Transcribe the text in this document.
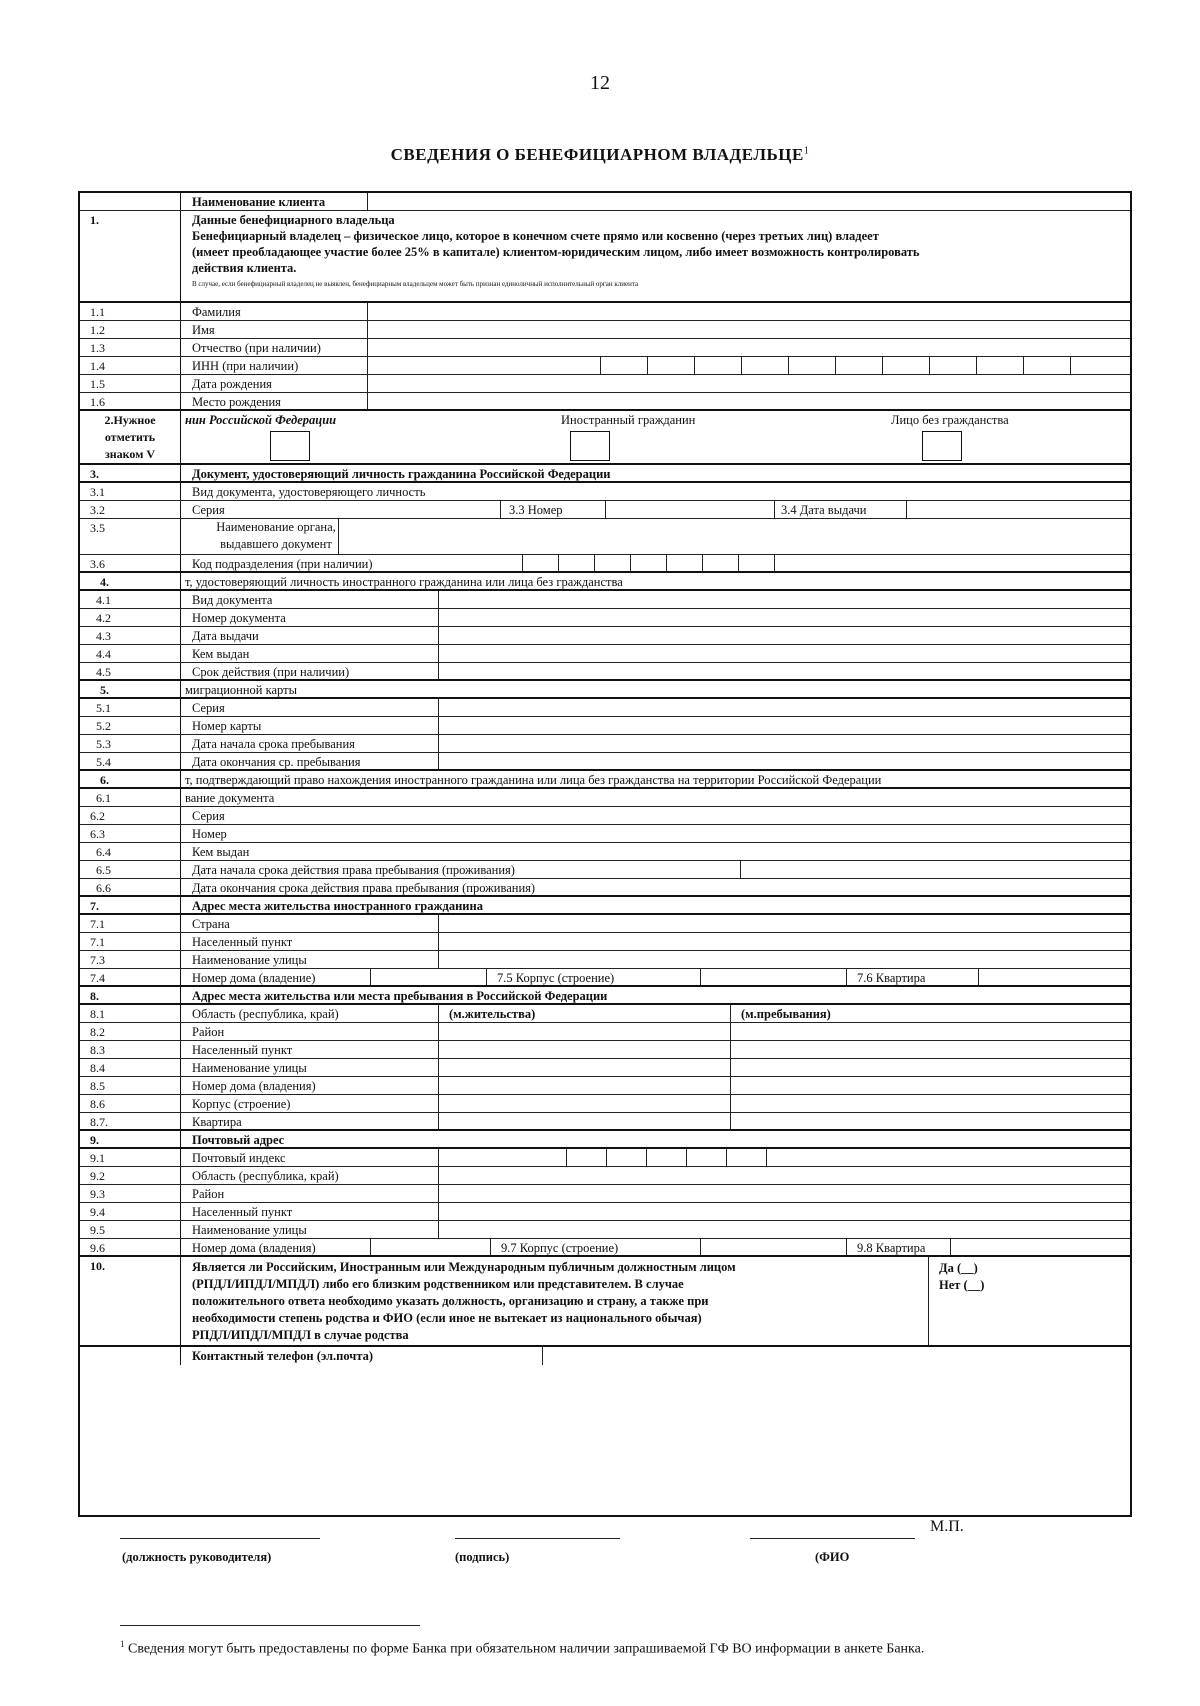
12
СВЕДЕНИЯ О БЕНЕФИЦИАРНОМ ВЛАДЕЛЬЦЕ$^1$
Наименование клиента
1.	Данные бенефициарного владельца
Бенефициарный владелец – физическое лицо, которое в конечном счете прямо или косвенно (через третьих лиц) владеет
(имеет преобладающее участие более 25% в капитале) клиентом-юридическим лицом, либо имеет возможность контролировать
действия клиента.
В случае, если бенефициарный владелец не выявлен, бенефициарным владельцем может быть признан единоличный исполнительный орган клиента
1.1	Фамилия
1.2	Имя
1.3	Отчество (при наличии)
1.4	ИНН (при наличии)
1.5	Дата рождения
1.6	Место рождения
2.Нужное
отметить
знаком V
нин Российской Федерации	Иностранный гражданин	Лицо без гражданства
3.	Документ, удостоверяющий личность гражданина Российской Федерации
3.1	Вид документа, удостоверяющего личность
3.2	Серия	3.3 Номер	3.4 Дата выдачи
3.5	Наименование органа,
выдавшего документ
3.6	Код подразделения (при наличии)
4.	т, удостоверяющий личность иностранного гражданина или лица без гражданства
4.1	Вид документа
4.2	Номер документа
4.3	Дата выдачи
4.4	Кем выдан
4.5	Срок действия (при наличии)
5.	миграционной карты
5.1	Серия
5.2	Номер карты
5.3	Дата начала срока пребывания
5.4	Дата окончания ср. пребывания
6.	т, подтверждающий право нахождения иностранного гражданина или лица без гражданства на территории Российской Федерации
6.1	вание документа
6.2	Серия
6.3	Номер
6.4	Кем выдан
6.5	Дата начала срока действия права пребывания (проживания)
6.6	Дата окончания срока действия права пребывания (проживания)
7.	Адрес места жительства иностранного гражданина
7.1	Страна
7.1	Населенный пункт
7.3	Наименование улицы
7.4	Номер дома (владение)	7.5 Корпус (строение)	7.6 Квартира
8.	Адрес места жительства или места пребывания в Российской Федерации
8.1	Область (республика, край)	(м.жительства)	(м.пребывания)
8.2	Район
8.3	Населенный пункт
8.4	Наименование улицы
8.5	Номер дома (владения)
8.6	Корпус (строение)
8.7.	Квартира
9.	Почтовый адрес
9.1	Почтовый индекс
9.2	Область (республика, край)
9.3	Район
9.4	Населенный пункт
9.5	Наименование улицы
9.6	Номер дома (владения)	9.7 Корпус (строение)	9.8 Квартира
10.	Является ли Российским, Иностранным или Международным публичным должностным лицом
(РПДЛ/ИПДЛ/МПДЛ) либо его близким родственником или представителем. В случае
положительного ответа необходимо указать должность, организацию и страну, а также при
необходимости степень родства и ФИО (если иное не вытекает из национального обычая)
РПДЛ/ИПДЛ/МПДЛ в случае родства
Да (__)
Нет (__)
Контактный телефон (эл.почта)
М.П.
(должность руководителя)	(подпись)	(ФИО
$^1$ Сведения могут быть предоставлены по форме Банка при обязательном наличии запрашиваемой ГФ ВО информации в анкете Банка.
